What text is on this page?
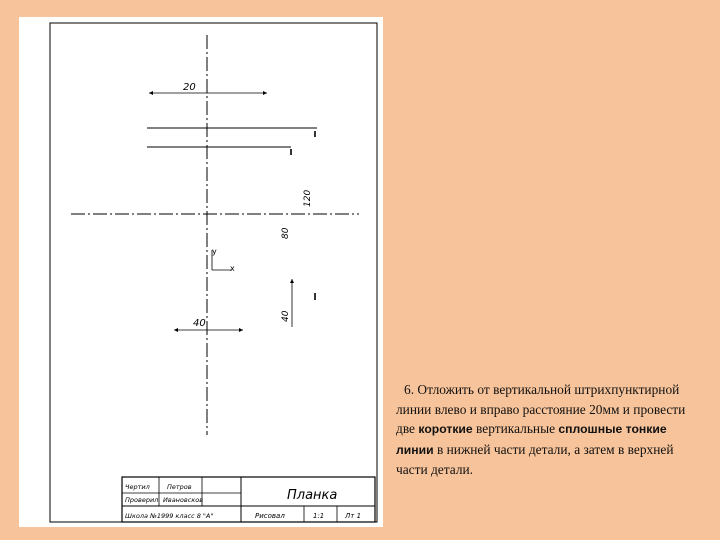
20
120
80
40
y
x
40
Чертил	Петров
Проверил Ивановсков	Планка
Школа №1999 класс 8 "А"	Рисовал	1:1	Лт 1
6. Отложить от вертикальной штрихпунктирной линии влево и вправо расстояние 20мм и провести две короткие вертикальные сплошные тонкие линии в нижней части детали, а затем в верхней части детали.
